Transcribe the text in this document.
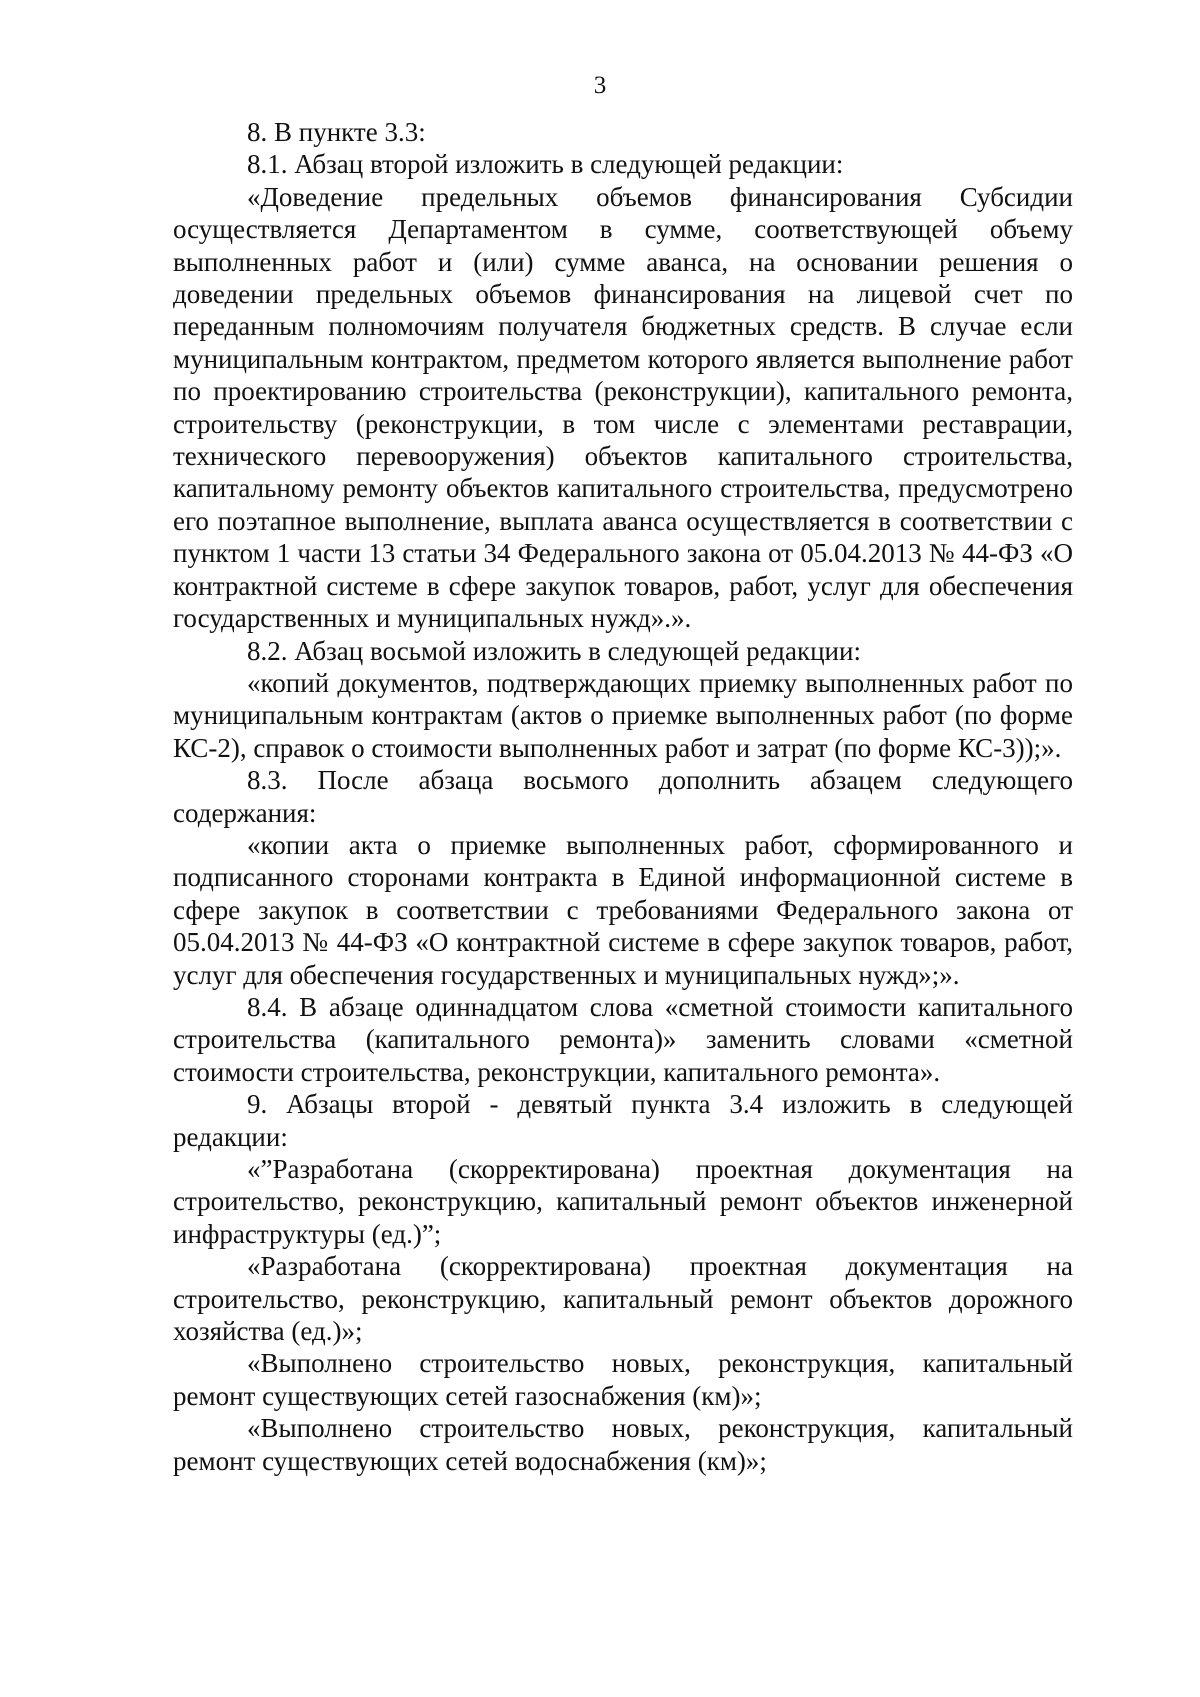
3

8. В пункте 3.3:

8.1. Абзац второй изложить в следующей редакции:

«Доведение предельных объемов финансирования Субсидии осуществляется Департаментом в сумме, соответствующей объему выполненных работ и (или) сумме аванса, на основании решения о доведении предельных объемов финансирования на лицевой счет по переданным полномочиям получателя бюджетных средств. В случае если муниципальным контрактом, предметом которого является выполнение работ по проектированию строительства (реконструкции), капитального ремонта, строительству (реконструкции, в том числе с элементами реставрации, технического перевооружения) объектов капитального строительства, капитальному ремонту объектов капитального строительства, предусмотрено его поэтапное выполнение, выплата аванса осуществляется в соответствии с пунктом 1 части 13 статьи 34 Федерального закона от 05.04.2013 № 44-ФЗ «О контрактной системе в сфере закупок товаров, работ, услуг для обеспечения государственных и муниципальных нужд».».

8.2. Абзац восьмой изложить в следующей редакции:

«копий документов, подтверждающих приемку выполненных работ по муниципальным контрактам (актов о приемке выполненных работ (по форме КС-2), справок о стоимости выполненных работ и затрат (по форме КС-3));».

8.3. После абзаца восьмого дополнить абзацем следующего содержания:

«копии акта о приемке выполненных работ, сформированного и подписанного сторонами контракта в Единой информационной системе в сфере закупок в соответствии с требованиями Федерального закона от 05.04.2013 № 44-ФЗ «О контрактной системе в сфере закупок товаров, работ, услуг для обеспечения государственных и муниципальных нужд»;».

8.4. В абзаце одиннадцатом слова «сметной стоимости капитального строительства (капитального ремонта)» заменить словами «сметной стоимости строительства, реконструкции, капитального ремонта».

9. Абзацы второй - девятый пункта 3.4 изложить в следующей редакции:

«”Разработана (скорректирована) проектная документация на строительство, реконструкцию, капитальный ремонт объектов инженерной инфраструктуры (ед.)”;

«Разработана (скорректирована) проектная документация на строительство, реконструкцию, капитальный ремонт объектов дорожного хозяйства (ед.)»;

«Выполнено строительство новых, реконструкция, капитальный ремонт существующих сетей газоснабжения (км)»;

«Выполнено строительство новых, реконструкция, капитальный ремонт существующих сетей водоснабжения (км)»;
